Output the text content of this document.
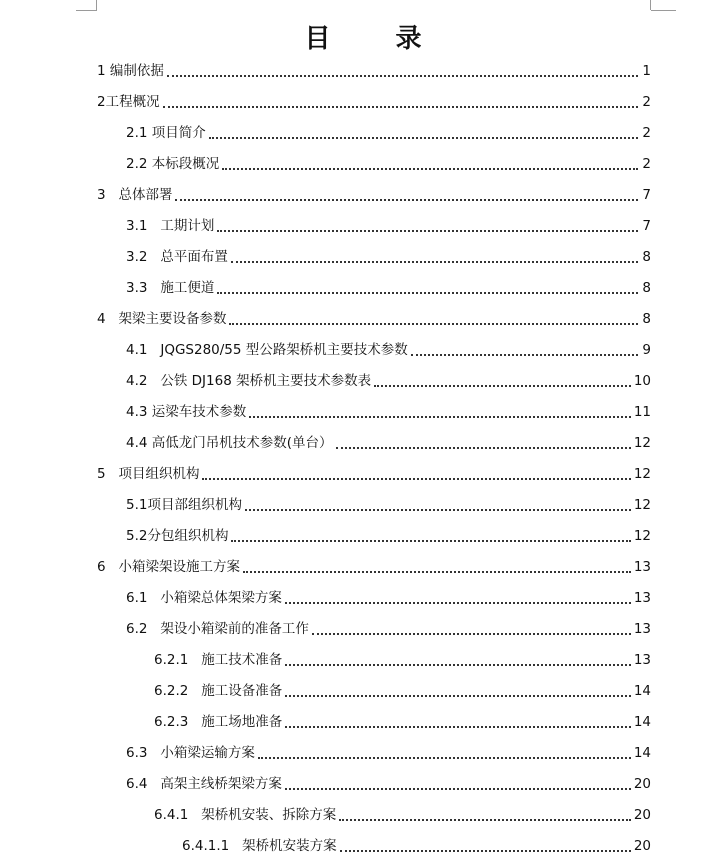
目 录
1 编制依据	1
2 工程概况	2
2.1 项目简介	2
2.2 本标段概况	2
3 总体部署	7
3.1 工期计划	7
3.2 总平面布置	8
3.3 施工便道	8
4 架梁主要设备参数	8
4.1 JQGS280/55 型公路架桥机主要技术参数	9
4.2 公铁 DJ168 架桥机主要技术参数表	10
4.3 运梁车技术参数	11
4.4 高低龙门吊机技术参数(单台）	12
5 项目组织机构	12
5.1 项目部组织机构	12
5.2 分包组织机构	12
6 小箱梁架设施工方案	13
6.1 小箱梁总体架梁方案	13
6.2 架设小箱梁前的准备工作	13
6.2.1 施工技术准备	13
6.2.2 施工设备准备	14
6.2.3 施工场地准备	14
6.3 小箱梁运输方案	14
6.4 高架主线桥架梁方案	20
6.4.1 架桥机安装、拆除方案	20
6.4.1.1 架桥机安装方案	20
